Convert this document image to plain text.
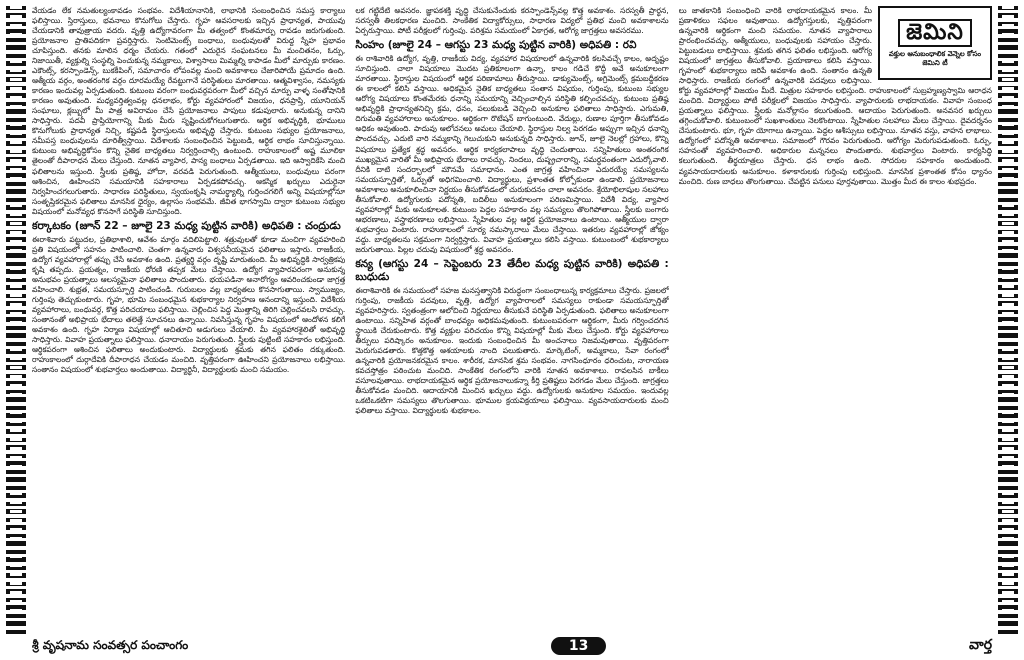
వేయడం లేక నమతుల్యంకావడం సంభవం. విదేశీయానానికి, లాభానికి సంబంధించిన సమస్త కార్యాలు ఫలిస్తాయి. స్తిరాస్తులు, భవనాలు కొనుగోలు చేస్తారు. గృహ ఆవసరాలకు ఇచ్చిన ప్రాధాన్యత, పాయువు చేయడానికి తావుత్రాయ వదరు. వృత్తి ఉద్యోగావరంగా మీ తత్వంలో కొంతమార్పు రావడం జరుగుతుంది. ప్రయోజనాల ప్రాతిపదికగా ప్రవర్తిస్తారు. సెంటిమెంట్స్ బంధాలు, బంధువులతో విరుద్ద స్నేహ ప్రభావం చూపిస్తుంది. తనకు మాలిన ధర్మం చేయరు. గతంలో ఎదురైన సంఘటనలు మీ మంచితనం, ఓర్పు, నిజాయితీ, వ్యక్తుల్ని సంస్థల్ని పెంచుకున్న నమ్మకాలు, విశ్వాసాలు మిమ్మల్ని కాపాడం మీలో మార్పుకు కారణం. ఎకౌంట్స్, కరస్పాండెన్స్, బుకకీపింగ్, సమాచారం లోపంవల్ల మంచి అవకాశాలు చేజారిపోయే ప్రమాదం ఉంది. ఆత్మీయ వర్గం, అంతరంగిక వర్గం దూరమయ్యే రేవట్టుగానే పరిస్థితులు మారతాయి. ఆత్మవిశ్వాసం, నమస్యకు కారణం ఇందువల్ల ఏర్పడుతుంది. కుటుంబ వరంగా బంధువర్గపరంగా మీలో వచ్చిన మార్పు వాళ్ళ సంతోషానికి కారణం అవుతుంది. మధ్యవర్తిత్వంవల్ల ధనలాభం, కోర్టు వ్యవహారంలో విజయం, ధనప్రాప్తి, యూనియన్ సంఘాలు, క్లబ్బులో మీ పాత్ర అవిరామం చేసే ప్రయోజనాలు పాపులు కడుపులారు. అనుకున్న దానిని సాధిస్తారు. పదవీ ప్రాప్తియోగాన్ని మీకు మీరు సృష్టించుకోగలుగుతారు. ఆర్థిక అభివృద్ధికి, భూములు కొనుగోలుకు ప్రాధాన్యత నిచ్చి, కష్టపడి స్థిరాస్తులను అభివృద్ధి చేస్తారు. కుటుంబ సభ్యుల ప్రయోజనాలు, నమీపస్త బంధువులను దూరిత్వీస్తాయి. విదేశాలకు సంబంధించిన పెట్టుబడి, ఆర్థిక లాభం సూచిస్తున్నాయి. కుటుంబ అభివృద్ధికోసం కొన్ని నైతిక బాధ్యతలు నిర్వర్తించాల్సి ఉంటుంది. రాహుకాలంలో అష్ట మూలికా తైలంతో దీపారాధన మేలు చేస్తుంది. నూతన వ్యాపార, పాన్య బంధాలు ఏర్పడతాయి. ఇది ఆస్వాదికేసి మంచి ఫలితాలను ఇస్తుంది. స్త్రీలకు ప్రతిష్ఠ, హోదా, వరవడి పెరుగుతుంది. ఆత్మీయులు, బంధువులు పరంగా ఆశించిన, ఊహించని సమయానికి సహకారాలు ఏర్పడకపోవచ్చు. ఆకస్మిక ఖర్చులు ఎదురైనా నిర్వహించగలుగుతారు. సాధారణ పరిస్థితులు, స్వయంకృషి నామర్థ్యాల్ని గుర్తించగలిగే అన్ని విషయాల్లోనూ సంతృప్తికరమైన ఫలితాలు మానసిక ధైర్యం, ఉల్లాసం సంభవమే. జీవిత భాగస్వామి ద్వారా కుటుంబ సభ్యుల విషయంలో మనోవ్యధ కొనసాగే పరిస్థితి సూచిస్తుంది.

కర్కాటకం (జూన్ 22 – జూలై 23 మధ్య పుట్టిన వారికి) అధిపతి : చంద్రుడు

ఈరాశివారు పట్టుదల, ప్రతిభాశాలి, ఆవేశం మార్గం వదిలిపెట్టాలి. శత్రువులతో కూడా మంచిగా వ్యవహరించి ప్రతి విషయంలో సహనం పాటించాలి. చెంతగా ఉన్నవారు విశ్వసనీయమైన ఫలితాలు ఇస్తారు. రాజకీయ, ఉద్యోగ వ్యవహారాల్లో తప్పు చేసే అవకాశం ఉంది. ప్రత్యర్థి వర్గం దృష్టి మారుతుంది. మీ అభివృద్ధికి సార్వత్రికపు కృషి తప్పదు. ప్రయత్నం, రాజకీయ ధోరణి తప్పక మేలు చేస్తాయి. ఉద్యోగ వ్యాపారపరంగా అనుకున్న అనుభవం ప్రయత్నాలు ఆలస్యమైనా ఫలితాలు పొందుతారు. భయపడినా అనారోగ్యం ఆవరించకుండా జాగ్రత్త వహించాలి. శుభ్రత, సమయస్ఫూర్తి పాటించండి. గురుబలం వల్ల బాధ్యతలు కొనసాగుతాయి. స్వాముజ్యం, గుర్తింపు తెచ్చుకుంటారు. గృహ, భూమి సంబంధమైన శుభకార్యాల నిర్వహణ ఆనందాన్ని ఇస్తుంది. విదేశీయ వ్యవహారాలు, బంధువర్గ, కొత్త పరిచయాలు ఫలిస్తాయి. చెల్లించిన పెద్ద మొత్తాన్ని తిరిగి చెల్లించవలసి రావచ్చు. సంతానంతో అభిప్రాయ భేదాలు తలెత్తే సూచనలు ఉన్నాయి. నివసిస్తున్న గృహం విషయంలో ఆందోళన కలిగే అవకాశం ఉంది. గృహ నిర్మాణ విషయాల్లో ఆచితూచి అడుగులు వేయాలి. మీ వ్యవహారశైలితో అభివృద్ధి సాధిస్తారు. వివాహ ప్రయత్నాలు ఫలిస్తాయి. ధనాదాయం పెరుగుతుంది. స్త్రీలకు పుట్టింటి సహకారం లభిస్తుంది. ఆర్థికపరంగా ఆశించిన ఫలితాలు అందుకుంటారు. విద్యార్థులకు శ్రమకు తగిన ఫలితం దక్కుతుంది. రాహుకాలంలో దుర్గాదేవికి దీపారాధన చేయడం మంచిది. వృత్తిపరంగా ఊహించని ప్రయోజనాలు లభిస్తాయి. సంతానం విషయంలో శుభవార్తలు అందుతాయి. విద్యార్థినీ, విద్యార్థులకు మంచి సమయం.

లక గట్టిదేటి అవసరం. జ్ఞాపకశక్తి వృద్ధి చేసుకునేందుకు కరస్పాండెన్స్‌వల్ల కొత్త అవకాశం. సరస్వతీ ప్రార్థన, సరస్వతీ తిలకధారణ మంచిది. సాంకేతిక విద్యాకోర్సులు, సాధారణ విద్యలో ప్రతిభ మంచి అవకాశాలను ఏర్పరుస్తాయి. పోటీ పరీక్షలలో గుర్తింపు. పరిశ్రమ సమయంలో ఏకాగ్రత, ఆరోగ్య జాగ్రత్తలు అవసరము.

సింహం (జూలై 24 – ఆగస్టు 23 మధ్య పుట్టిన వారికి) అధిపతి : రవి

ఈ రాశివారికి ఉద్యోగ, వృత్తి, రాజకీయ విద్య, వ్యవహార విషయాలలో ఉన్నవారికి కలసివచ్చే కాలం, అదృష్టం సూచిస్తుంది. చాలా విషయాలు మొదట ప్రతికూలంగా ఉన్నా, కాలం గడిచే కొద్దీ అవే అనుకూలంగా మారతాయి. స్థిరాస్తుల విషయంలో ఆర్థిక పరిణామాలు తీరుస్తాయి. డాక్యుమెంట్స్, అగ్రిమెంట్స్ క్రమబద్దీకరణ ఈ కాలంలో కలిసి వస్తాయి. అధికమైన నైతిక బాధ్యతలు సంతాన విషయం, గుర్తింపు, కుటుంబ సభ్యుల ఆరోగ్య విషయాలు కొంతమేరకు ధనాన్ని సమయాన్ని వెచ్చించాల్సిన పరిస్థితి కల్పించవచ్చు. కుటుంబ ప్రతిష్ఠ అభివృద్ధికి ప్రాధాన్యతనిచ్చి క్రమ, ధనం, పలుకుబడి వెచ్చించి అనుకూల ఫలితాలు సాధిస్తారు. ఎగుమతి, దిగుమతి వ్యవహారాలు అనుకూలం. ఆర్థికంగా రొటేషన్ బాగుంటుంది. వేదుల్లు, రుణాల పూర్తిగా తీసుకోవడం అధికం అవుతుంది. పాదువు ఆలోచనలు అమలు చేయాలి. స్థిరాస్తుల నిల్వ పెరగడం అప్పుగా ఇచ్చిన ధనాన్ని పొందవచ్చు. ఎదుటి వారి నమ్మకాన్ని గెలుచుకుని అనుకున్నది సాధిస్తారు. జూన్, జూలై నెలల్లో గ్రహాలు, కొన్ని విషయాలు ప్రత్యేక శ్రద్ధ అవసరం. ఆర్థిక కార్యకలాపాలు వృద్ధి చెందుతాయి. సన్నిహితులు అంతరంగిక ముఖ్యమైన వారితో మీ అభిప్రాయ భేదాలు రావచ్చు. నిందలు, దుష్ప్రచారాన్ని, సమర్థవంతంగా ఎదుర్కోవాలి. దీనికి దాటి సందర్భాలలో మౌనమే సమాధానం. ఎంత జాగ్రత్త వహించినా ఎదురయ్యే సమస్యలను సమయస్ఫూర్తితో, ఓర్పుతో అధిగమించాలి. విద్యార్థులు, ప్రశాంతత కోల్పోకుండా ఉండాలి. ప్రయోజనాలు అవకాశాలు అనుకూలించినా నిర్ణయం తీసుకోవడంలో చురుకుదనం చాలా అవసరం. శ్రేయోభిలాషుల సలహాలు తీసుకోవాలి. ఉద్యోగులకు పదోన్నతి, బదిలీలు అనుకూలంగా పరిణమిస్తాయి. విదేశీ విద్య, వ్యాపార వ్యవహారాల్లో మీకు అనుకూలత. కుటుంబ పెద్దల సహకారం వల్ల సమస్యలు తొలగిపోతాయి. స్త్రీలకు బంగారు ఆభరణాలు, వస్త్రాభరణాలు లభిస్తాయి. స్నేహితుల వల్ల ఆర్థిక ప్రయోజనాలు ఉంటాయి. ఆత్మీయుల ద్వారా శుభవార్తలు వింటారు. రాహుకాలంలో సూర్య నమస్కారాలు మేలు చేస్తాయి. ఇతరుల వ్యవహారాల్లో జోక్యం వద్దు. బాధ్యతలను సక్రమంగా నిర్వర్తిస్తారు. వివాహ ప్రయత్నాలు కలిసి వస్తాయి. కుటుంబంలో శుభకార్యాలు జరుగుతాయి. పిల్లల చదువు విషయంలో శ్రద్ధ అవసరం.

కన్య (ఆగస్టు 24 – సెప్టెంబరు 23 తేదీల మధ్య పుట్టిన వారికి) అధిపతి : బుధుడు

ఈరాశివారికి ఈ సమయంలో సహజ మనస్తత్వానికి విరుద్ధంగా సంబంధాలున్న కార్యక్రమాలు చేస్తారు. ప్రజలలో గుర్తింపు, రాజకీయ పదవులు, వృత్తి, ఉద్యోగ వ్యాపారాలలో సమస్యలు రాకుండా సమయస్ఫూర్తితో వ్యవహరిస్తారు. స్వతంత్రంగా ఆలోచించి నిర్ణయాలు తీసుకునే పరిస్థితి ఏర్పడుతుంది. ఫలితాలు అనుకూలంగా ఉంటాయి. సన్నిహిత వర్గంతో బాంధవ్యం అధికమవుతుంది. కుటుంబపరంగా ఆర్థికంగా, మీరు గర్వించదగిన స్థాయికి చేరుకుంటారు. కొత్త వ్యక్తుల పరిచయం కొన్ని విషయాల్లో మీకు మేలు చేస్తుంది. కోర్టు వ్యవహారాలు తీర్పులు పరిష్కారం అనుకూలం. ఇందుకు సంబంధించిన మీ అంచనాలు నిజమవుతాయి. వృత్తిపరంగా మెరుగుపడతారు. కొత్తకొత్త ఆశయాలకు నాంది పలుకుతారు. మార్కెటింగ్, అమ్మకాలు, సేవా రంగంలో ఉన్నవారికి ప్రయోజనకరమైన కాలం. శారీరక, మానసిక శ్రమ సంభవం. నాగసింధూరం ధరించుట, నారాయణ కవచస్తోత్రం పఠించుట మంచిది. సాంకేతిక రంగంలోని వారికి నూతన అవకాశాలు. రావలసిన బాకీలు వసూలవుతాయి. లాభదాయకమైన ఆర్థిక ప్రయోజనాలుకన్నా కీర్తి ప్రతిష్టలు పెరగడం మేలు చేస్తుంది. జాగ్రత్తలు తీసుకోవడం మంచిది. ఆదాయానికి మించిన ఖర్చులు వద్దు. ఉద్యోగులకు అనుకూల సమయం. ఇందువల్ల ఒకటిఒకటిగా సమస్యలు తొలగుతాయి. భూముల క్రయవిక్రయాలు ఫలిస్తాయి. వ్యవసాయదారులకు మంచి ఫలితాలు వస్తాయి. విద్యార్థులకు శుభకాలం.

జెమిని
వక్తుల ఆనుబంధాలిక వెన్నెల కోసం జెమిని టీ

లు జాతకానికి సంబంధించి వారికి లాభదాయకమైన కాలం. మీ ప్రణాళికలు సఫలం అవుతాయి. ఉద్యోగస్తులకు, వృత్తిపరంగా ఉన్నవారికి ఆర్థికంగా మంచి సమయం. నూతన వ్యాపారాలు ప్రారంభించవచ్చు. ఆత్మీయులు, బంధువులకు సహాయం చేస్తారు. పెట్టుబడులు లాభిస్తాయి. శ్రమకు తగిన ఫలితం లభిస్తుంది. ఆరోగ్య విషయంలో జాగ్రత్తలు తీసుకోవాలి. ప్రయాణాలు కలిసి వస్తాయి. గృహంలో శుభకార్యాలు జరిపే అవకాశం ఉంది. సంతానం ఉన్నతి సాధిస్తారు. రాజకీయ రంగంలో ఉన్నవారికి పదవులు లభిస్తాయి. కోర్టు వ్యవహారాల్లో విజయం మీదే. మిత్రుల సహకారం లభిస్తుంది. రాహుకాలంలో సుబ్రహ్మణ్యస్వామి ఆరాధన మంచిది. విద్యార్థులు పోటీ పరీక్షలలో విజయం సాధిస్తారు. వ్యాపారులకు లాభదాయకం. వివాహ సంబంధ ప్రయత్నాలు ఫలిస్తాయి. స్త్రీలకు మనోల్లాసం కలుగుతుంది. ఆదాయం పెరుగుతుంది. అనవసర ఖర్చులు తగ్గించుకోవాలి. కుటుంబంలో సుఖశాంతులు నెలకొంటాయి. స్నేహితుల సలహాలు మేలు చేస్తాయి. దైవదర్శనం చేసుకుంటారు. భూ, గృహ యోగాలు ఉన్నాయి. పెద్దల ఆశీస్సులు లభిస్తాయి. నూతన వస్తు, వాహన లాభాలు. ఉద్యోగంలో పదోన్నతి అవకాశాలు. సమాజంలో గౌరవం పెరుగుతుంది. ఆరోగ్యం మెరుగుపడుతుంది. ఓర్పు, సహనంతో వ్యవహరించాలి. అధికారుల మన్ననలు పొందుతారు. శుభవార్తలు వింటారు. కార్యసిద్ధి కలుగుతుంది. తీర్థయాత్రలు చేస్తారు. ధన లాభం ఉంది. సోదరుల సహకారం అందుతుంది. వ్యవసాయదారులకు అనుకూలం. కళాకారులకు గుర్తింపు లభిస్తుంది. మానసిక ప్రశాంతత కోసం ధ్యానం మంచిది. రుణ బాధలు తొలగుతాయి. చేపట్టిన పనులు పూర్తవుతాయి. మొత్తం మీద ఈ కాలం శుభప్రదం.

శ్రీ వృషనామ సంవత్సర పంచాంగం	13	వార్త
